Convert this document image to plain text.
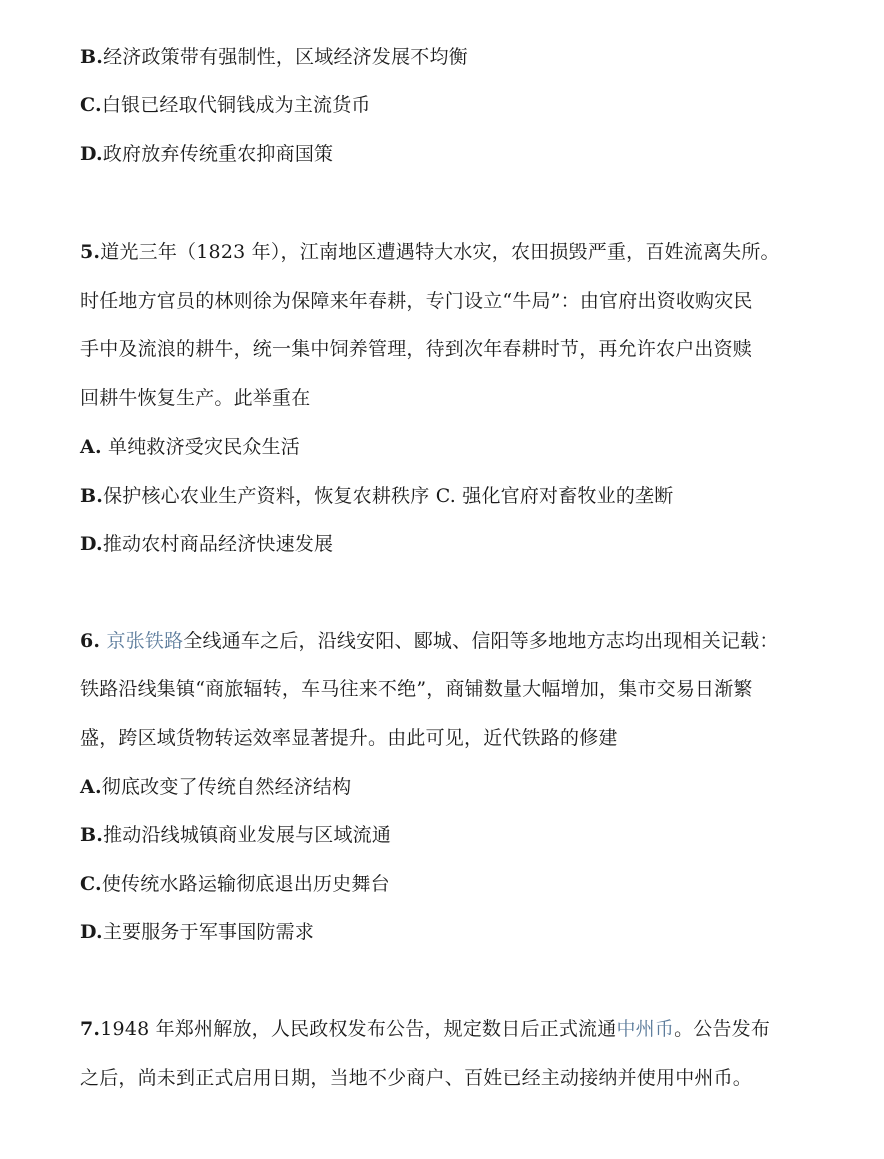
B.经济政策带有强制性，区域经济发展不均衡
C.白银已经取代铜钱成为主流货币
D.政府放弃传统重农抑商国策
5.道光三年（1823 年），江南地区遭遇特大水灾，农田损毁严重，百姓流离失所。
时任地方官员的林则徐为保障来年春耕，专门设立“牛局”：由官府出资收购灾民
手中及流浪的耕牛，统一集中饲养管理，待到次年春耕时节，再允许农户出资赎
回耕牛恢复生产。此举重在
A. 单纯救济受灾民众生活
B.保护核心农业生产资料，恢复农耕秩序 C. 强化官府对畜牧业的垄断
D.推动农村商品经济快速发展
6. 京张铁路全线通车之后，沿线安阳、郾城、信阳等多地地方志均出现相关记载：
铁路沿线集镇“商旅辐转，车马往来不绝”，商铺数量大幅增加，集市交易日渐繁
盛，跨区域货物转运效率显著提升。由此可见，近代铁路的修建
A.彻底改变了传统自然经济结构
B.推动沿线城镇商业发展与区域流通
C.使传统水路运输彻底退出历史舞台
D.主要服务于军事国防需求
7.1948 年郑州解放，人民政权发布公告，规定数日后正式流通中州币。公告发布
之后，尚未到正式启用日期，当地不少商户、百姓已经主动接纳并使用中州币。
